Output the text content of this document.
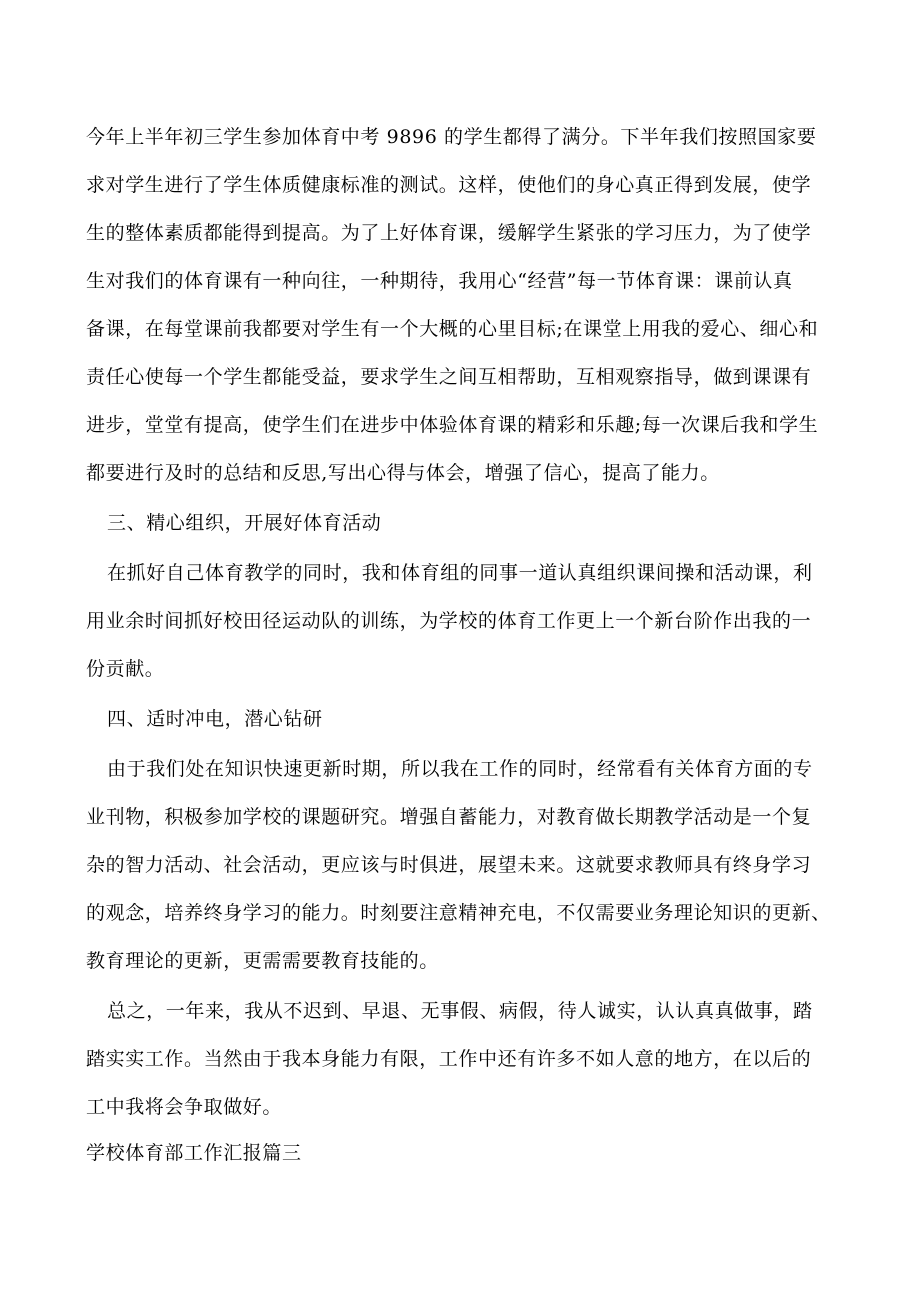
今年上半年初三学生参加体育中考 9896 的学生都得了满分。下半年我们按照国家要
求对学生进行了学生体质健康标准的测试。这样，使他们的身心真正得到发展，使学
生的整体素质都能得到提高。为了上好体育课，缓解学生紧张的学习压力，为了使学
生对我们的体育课有一种向往，一种期待，我用心“经营”每一节体育课：课前认真
备课，在每堂课前我都要对学生有一个大概的心里目标;在课堂上用我的爱心、细心和
责任心使每一个学生都能受益，要求学生之间互相帮助，互相观察指导，做到课课有
进步，堂堂有提高，使学生们在进步中体验体育课的精彩和乐趣;每一次课后我和学生
都要进行及时的总结和反思,写出心得与体会，增强了信心，提高了能力。
三、精心组织，开展好体育活动
在抓好自己体育教学的同时，我和体育组的同事一道认真组织课间操和活动课，利
用业余时间抓好校田径运动队的训练，为学校的体育工作更上一个新台阶作出我的一
份贡献。
四、适时冲电，潜心钻研
由于我们处在知识快速更新时期，所以我在工作的同时，经常看有关体育方面的专
业刊物，积极参加学校的课题研究。增强自蓄能力，对教育做长期教学活动是一个复
杂的智力活动、社会活动，更应该与时俱进，展望未来。这就要求教师具有终身学习
的观念，培养终身学习的能力。时刻要注意精神充电，不仅需要业务理论知识的更新、
教育理论的更新，更需需要教育技能的。
总之，一年来，我从不迟到、早退、无事假、病假，待人诚实，认认真真做事，踏
踏实实工作。当然由于我本身能力有限，工作中还有许多不如人意的地方，在以后的
工中我将会争取做好。
学校体育部工作汇报篇三
